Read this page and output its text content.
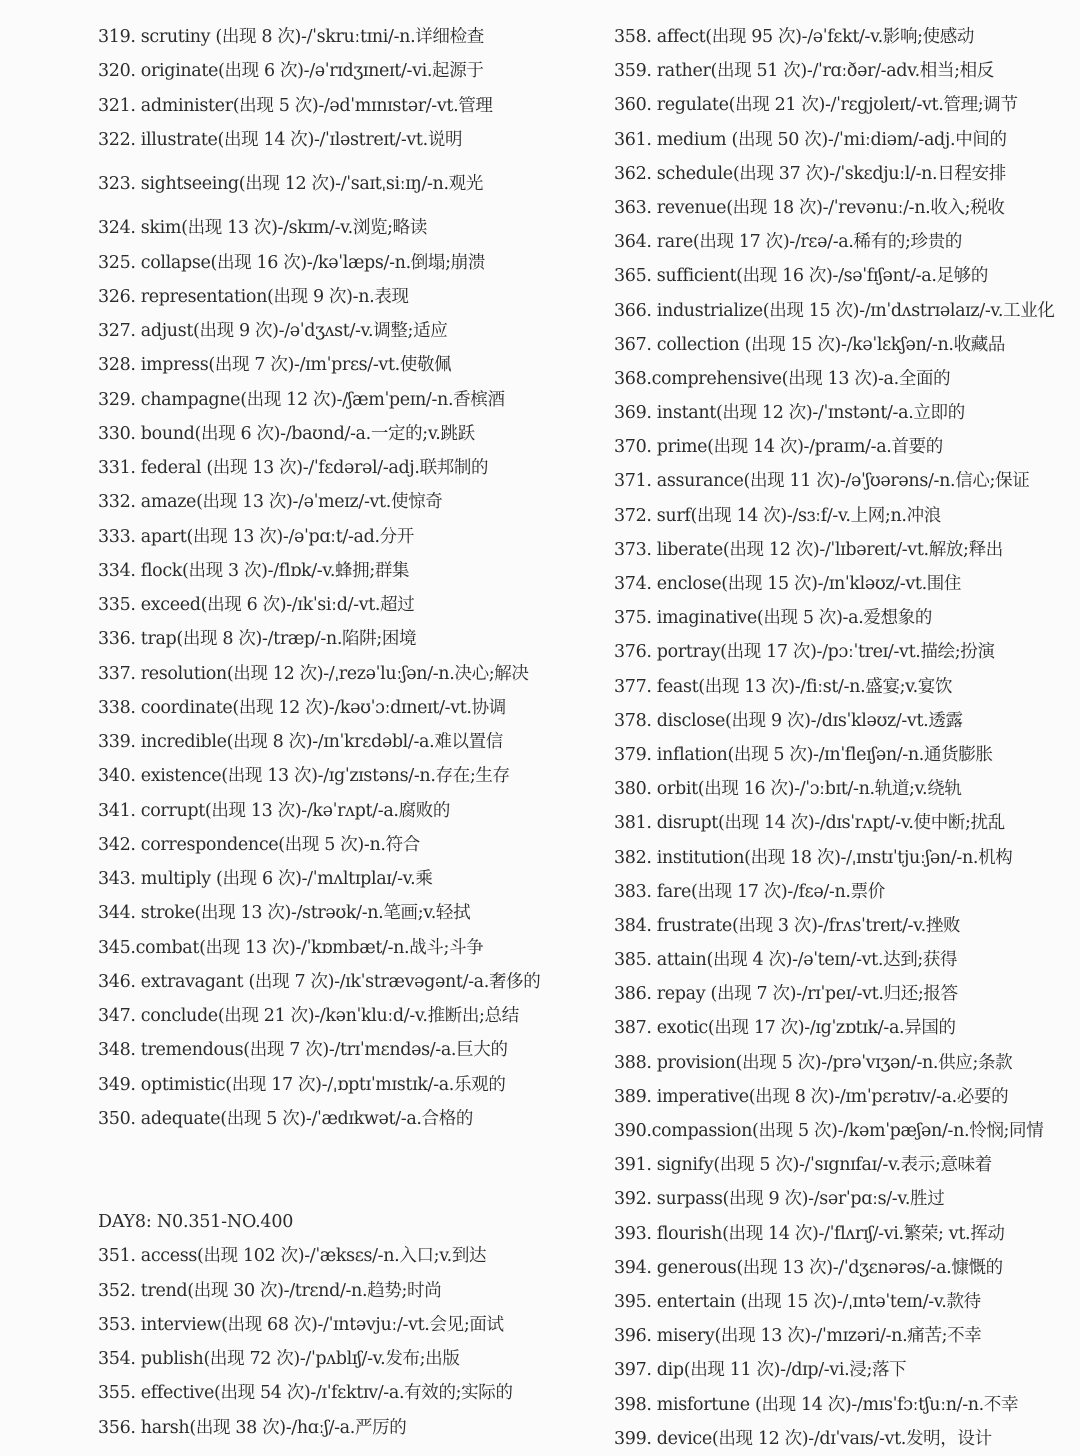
319. scrutiny (出现 8 次)-/ˈskruːtɪni/-n.详细检查
320. originate(出现 6 次)-/əˈrɪdʒɪneɪt/-vi.起源于
321. administer(出现 5 次)-/ədˈmɪnɪstər/-vt.管理
322. illustrate(出现 14 次)-/ˈɪləstreɪt/-vt.说明
323. sightseeing(出现 12 次)-/ˈsaɪtˌsiːɪŋ/-n.观光
324. skim(出现 13 次)-/skɪm/-v.浏览;略读
325. collapse(出现 16 次)-/kəˈlæps/-n.倒塌;崩溃
326. representation(出现 9 次)-n.表现
327. adjust(出现 9 次)-/əˈdʒʌst/-v.调整;适应
328. impress(出现 7 次)-/ɪmˈprɛs/-vt.使敬佩
329. champagne(出现 12 次)-/ʃæmˈpeɪn/-n.香槟酒
330. bound(出现 6 次)-/baʊnd/-a.一定的;v.跳跃
331. federal (出现 13 次)-/ˈfɛdərəl/-adj.联邦制的
332. amaze(出现 13 次)-/əˈmeɪz/-vt.使惊奇
333. apart(出现 13 次)-/əˈpɑːt/-ad.分开
334. flock(出现 3 次)-/flɒk/-v.蜂拥;群集
335. exceed(出现 6 次)-/ɪkˈsiːd/-vt.超过
336. trap(出现 8 次)-/træp/-n.陷阱;困境
337. resolution(出现 12 次)-/ˌrezəˈluːʃən/-n.决心;解决
338. coordinate(出现 12 次)-/kəʊˈɔːdɪneɪt/-vt.协调
339. incredible(出现 8 次)-/ɪnˈkrɛdəbl/-a.难以置信
340. existence(出现 13 次)-/ɪgˈzɪstəns/-n.存在;生存
341. corrupt(出现 13 次)-/kəˈrʌpt/-a.腐败的
342. correspondence(出现 5 次)-n.符合
343. multiply (出现 6 次)-/ˈmʌltɪplaɪ/-v.乘
344. stroke(出现 13 次)-/strəʊk/-n.笔画;v.轻拭
345.combat(出现 13 次)-/ˈkɒmbæt/-n.战斗;斗争
346. extravagant (出现 7 次)-/ɪkˈstrævəgənt/-a.奢侈的
347. conclude(出现 21 次)-/kənˈkluːd/-v.推断出;总结
348. tremendous(出现 7 次)-/trɪˈmɛndəs/-a.巨大的
349. optimistic(出现 17 次)-/ˌɒptɪˈmɪstɪk/-a.乐观的
350. adequate(出现 5 次)-/ˈædɪkwət/-a.合格的
DAY8: N0.351-NO.400
351. access(出现 102 次)-/ˈæksɛs/-n.入口;v.到达
352. trend(出现 30 次)-/trɛnd/-n.趋势;时尚
353. interview(出现 68 次)-/ˈɪntəvjuː/-vt.会见;面试
354. publish(出现 72 次)-/ˈpʌblɪʃ/-v.发布;出版
355. effective(出现 54 次)-/ɪˈfɛktɪv/-a.有效的;实际的
356. harsh(出现 38 次)-/hɑːʃ/-a.严厉的
358. affect(出现 95 次)-/əˈfɛkt/-v.影响;使感动
359. rather(出现 51 次)-/ˈrɑːðər/-adv.相当;相反
360. regulate(出现 21 次)-/ˈrɛgjʊleɪt/-vt.管理;调节
361. medium (出现 50 次)-/ˈmiːdiəm/-adj.中间的
362. schedule(出现 37 次)-/ˈskɛdjuːl/-n.日程安排
363. revenue(出现 18 次)-/ˈrevənuː/-n.收入;税收
364. rare(出现 17 次)-/rɛə/-a.稀有的;珍贵的
365. sufficient(出现 16 次)-/səˈfɪʃənt/-a.足够的
366. industrialize(出现 15 次)-/ɪnˈdʌstrɪəlaɪz/-v.工业化
367. collection (出现 15 次)-/kəˈlɛkʃən/-n.收藏品
368.comprehensive(出现 13 次)-a.全面的
369. instant(出现 12 次)-/ˈɪnstənt/-a.立即的
370. prime(出现 14 次)-/praɪm/-a.首要的
371. assurance(出现 11 次)-/əˈʃʊərəns/-n.信心;保证
372. surf(出现 14 次)-/sɜːf/-v.上网;n.冲浪
373. liberate(出现 12 次)-/ˈlɪbəreɪt/-vt.解放;释出
374. enclose(出现 15 次)-/ɪnˈkləʊz/-vt.围住
375. imaginative(出现 5 次)-a.爱想象的
376. portray(出现 17 次)-/pɔːˈtreɪ/-vt.描绘;扮演
377. feast(出现 13 次)-/fiːst/-n.盛宴;v.宴饮
378. disclose(出现 9 次)-/dɪsˈkləʊz/-vt.透露
379. inflation(出现 5 次)-/ɪnˈfleɪʃən/-n.通货膨胀
380. orbit(出现 16 次)-/ˈɔːbɪt/-n.轨道;v.绕轨
381. disrupt(出现 14 次)-/dɪsˈrʌpt/-v.使中断;扰乱
382. institution(出现 18 次)-/ˌɪnstɪˈtjuːʃən/-n.机构
383. fare(出现 17 次)-/fɛə/-n.票价
384. frustrate(出现 3 次)-/frʌsˈtreɪt/-v.挫败
385. attain(出现 4 次)-/əˈteɪn/-vt.达到;获得
386. repay (出现 7 次)-/rɪˈpeɪ/-vt.归还;报答
387. exotic(出现 17 次)-/ɪgˈzɒtɪk/-a.异国的
388. provision(出现 5 次)-/prəˈvɪʒən/-n.供应;条款
389. imperative(出现 8 次)-/ɪmˈpɛrətɪv/-a.必要的
390.compassion(出现 5 次)-/kəmˈpæʃən/-n.怜悯;同情
391. signify(出现 5 次)-/ˈsɪgnɪfaɪ/-v.表示;意味着
392. surpass(出现 9 次)-/sərˈpɑːs/-v.胜过
393. flourish(出现 14 次)-/ˈflʌrɪʃ/-vi.繁荣; vt.挥动
394. generous(出现 13 次)-/ˈdʒɛnərəs/-a.慷慨的
395. entertain (出现 15 次)-/ˌɪntəˈteɪn/-v.款待
396. misery(出现 13 次)-/ˈmɪzəri/-n.痛苦;不幸
397. dip(出现 11 次)-/dɪp/-vi.浸;落下
398. misfortune (出现 14 次)-/mɪsˈfɔːtʃuːn/-n.不幸
399. device(出现 12 次)-/dɪˈvaɪs/-vt.发明，设计
